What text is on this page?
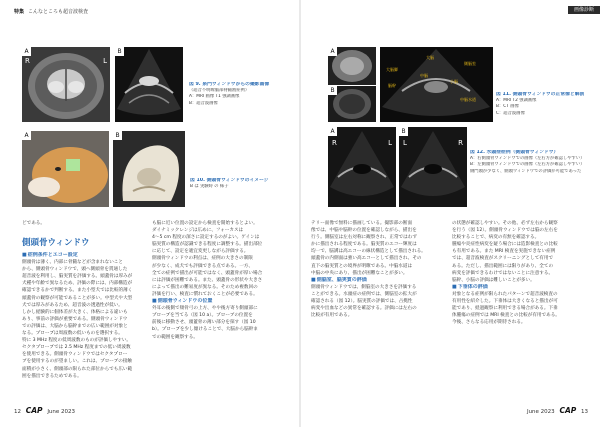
特集 こんなところも超音波検査	画像診断
A
R	L
B
図 9. 泉門ウィンドウからの撮影画像
（超音不明瞭腦部脊髄液症例）
A：MRI 画像 T1 強調画像
B：超音波画像
A	B
図 10. 側頭骨ウィンドウのイメージ
B は 実験時 の 様子
A
B
大脳
中脳
小脳
大脳脚
脳幹
側脳室
中脳水道
図 11. 側頭骨ウィンドウの正常像と解剖
A：MRI T2 強調画像
B：CT 画像
C：超音波画像
A
R	L
B
L	R
図 12. 水頭症症例（側頭骨ウィンドウ）
A：右側頭骨ウィンドウでの画像（左右方が確認しやすい）
B：左側頭骨ウィンドウでの画像（左右方が確認しやすい）
側門頭が少なく、側頭ウィンドウでの評価が可能であった
どである。
側頭骨ウィンドウ
■ 症例条件とエコー設定
側頭骨は薄く、内部に骨髄などが含まれないこと
から、側頭骨ウィンドウで、頭へ側頭骨を貫通した
超音波を利用し、脳実質を評価する。頭蓋骨は厚みが
犬種や年齢で異なるため、評価の際には、内部構造が
確認できるかで判断する。また小型犬では比較的薄く
頭蓋骨の観察が可能であることが多い。中型犬や大型
犬では厚みがあるため、超音波の透過性が低い。
しかし経験的に個体差が大きく、体格による違いも
あり、事前の評価が重要である。側頭骨ウィンドウ
での評価は、大脳から脳幹までの広い範囲が対象と
なる。プローブは周波数の低いものを選択する。
特に 3 MHz 程度の低周波数のものが評価しやすい。
セクタプローブでは 2.5 MHz 程度までの低い周波数
を使用できる。側頭骨ウィンドウではセクタプロー
ブを使用するのが望ましい。これは、プローブの接触
面積が小さく、側頭部の限られた部位からでも広い範
囲を描出できるためである。
も脳に近い位置の設定から検査を開始するとよい。
ダイナミックレンジは広めに、フォーカスは
4〜5 cm 程度の深さに設定するのがよい。ゲインは
脳実質の構造が認識できる程度に調整する。描出部位
に応じて、設定を適宜変更しながら評価する。
側頭骨ウィンドウの利点は、症例の大きさの制限
が少なく、成犬でも評価できる点である。一方、
全ての症例で描出が可能ではなく、頭蓋骨が厚い場合
には評価が困難である。また、頭蓋骨の形状や大きさ
によって描出の難易度が異なる。そのため複数回の
評価を行い、検査に慣れておくことが必要である。
■ 側頭骨ウィンドウの位置
外耳の後側で頬骨弓の上方、やや後方寄り側頭部に
プローブを当てる（図 10 a）。プローブの位置を
前後に移動させ、頭蓋骨の薄い部分を探す（図 10
b）。プローブを少し傾けることで、大脳から脳幹ま
での範囲を観察する。
テリー面像で無料に描画している。撮影部の断面
像では、中脳や脳幹の位置を確認しながら、描出を
行う。側脳室は左右対称に観察され、正常ではわず
かに描出される程度である。脳実質のエコー輝度は
均一で、脳溝は高エコーの線状構造として描出される。
頭蓋骨の内側面は強い高エコーとして描出され、その
直下の脳実質との境界が明瞭である。中脳水道は
中脳の中央にあり、描出が困難なことが多い。
■ 側脳室、脳実質の評価
側頭骨ウィンドウでは、側脳室の大きさを評価する
ことができる。水頭症の症例では、側脳室の拡大が
確認される（図 12）。脳実質の評価では、占拠性
病変や出血などの異常を確認する。評価には左右の
比較が有用である。
の状態が確認しやすい。その他、必ず左右から観察
を行う（図 12）。側頭骨ウィンドウでは脳の左右を
比較することで、病変の有無を確認する。
腫瘍や炎症性病変を疑う場合には造影検査との比較
も有用である。また MRI 検査を実施できない症例
では、超音波検査がスクリーニングとして有用で
ある。ただし、描出範囲には限りがあり、全ての
病変を評価できるわけではないことに注意する。
脳幹、小脳の評価は難しいことが多い。
■ 下垂体の評価
対象となる症例が限られたパターンで超音波検査の
有用性を紹介した。下垂体は大きくなると描出が可
能であり、経過観察に利用できる場合がある。下垂
体腫瘍の症例では MRI 検査との比較が有用である。
今後、さらなる応用が期待される。
12 CAP June 2023	June 2023 CAP 13
